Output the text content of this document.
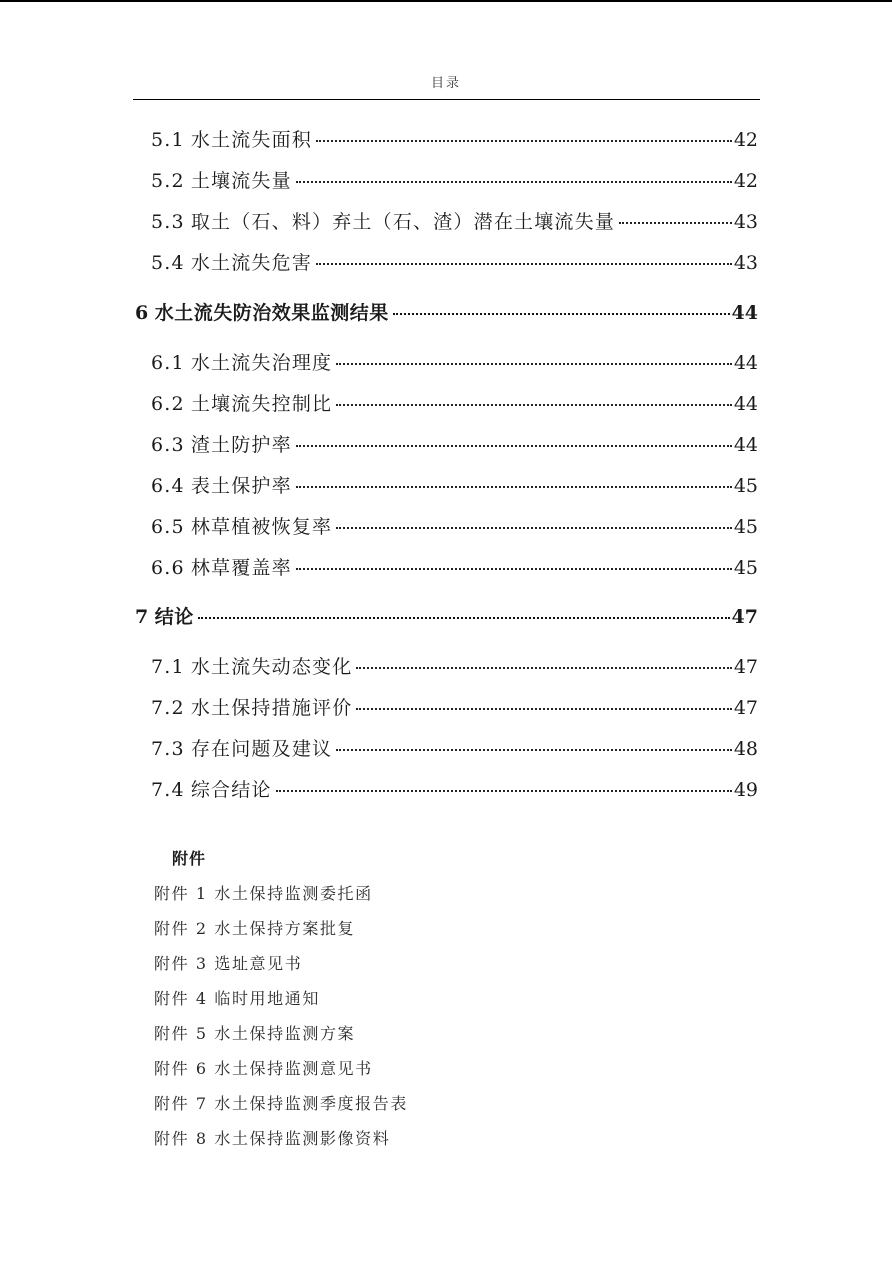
目录
5.1 水土流失面积	42
5.2 土壤流失量	42
5.3 取土（石、料）弃土（石、渣）潜在土壤流失量	43
5.4 水土流失危害	43
6 水土流失防治效果监测结果	44
6.1 水土流失治理度	44
6.2 土壤流失控制比	44
6.3 渣土防护率	44
6.4 表土保护率	45
6.5 林草植被恢复率	45
6.6 林草覆盖率	45
7 结论	47
7.1 水土流失动态变化	47
7.2 水土保持措施评价	47
7.3 存在问题及建议	48
7.4 综合结论	49
附件
附件 1 水土保持监测委托函
附件 2 水土保持方案批复
附件 3 选址意见书
附件 4 临时用地通知
附件 5 水土保持监测方案
附件 6 水土保持监测意见书
附件 7 水土保持监测季度报告表
附件 8 水土保持监测影像资料
